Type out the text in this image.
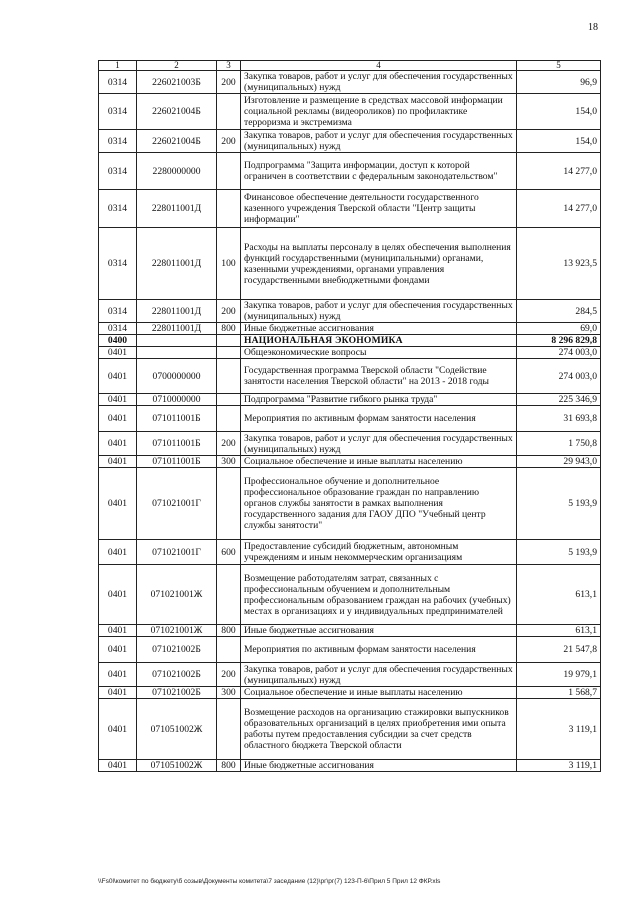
18
1	2	3	4	5
0314	226021003Б	200	Закупка товаров, работ и услуг для обеспечения государственных (муниципальных) нужд	96,9
0314	226021004Б		Изготовление и размещение в средствах массовой информации социальной рекламы (видеороликов) по профилактике терроризма и экстремизма	154,0
0314	226021004Б	200	Закупка товаров, работ и услуг для обеспечения государственных (муниципальных) нужд	154,0
0314	2280000000		Подпрограмма "Защита информации, доступ к которой ограничен в соответствии с федеральным законодательством"	14 277,0
0314	228011001Д		Финансовое обеспечение деятельности государственного казенного учреждения Тверской области "Центр защиты информации"	14 277,0
0314	228011001Д	100	Расходы на выплаты персоналу в целях обеспечения выполнения функций государственными (муниципальными) органами, казенными учреждениями, органами управления государственными внебюджетными фондами	13 923,5
0314	228011001Д	200	Закупка товаров, работ и услуг для обеспечения государственных (муниципальных) нужд	284,5
0314	228011001Д	800	Иные бюджетные ассигнования	69,0
0400			НАЦИОНАЛЬНАЯ ЭКОНОМИКА	8 296 829,8
0401			Общеэкономические вопросы	274 003,0
0401	0700000000		Государственная программа Тверской области "Содействие занятости населения Тверской области" на 2013 - 2018 годы	274 003,0
0401	0710000000		Подпрограмма "Развитие гибкого рынка труда"	225 346,9
0401	071011001Б		Мероприятия по активным формам занятости населения	31 693,8
0401	071011001Б	200	Закупка товаров, работ и услуг для обеспечения государственных (муниципальных) нужд	1 750,8
0401	071011001Б	300	Социальное обеспечение и иные выплаты населению	29 943,0
0401	071021001Г		Профессиональное обучение и дополнительное профессиональное образование граждан по направлению органов службы занятости в рамках выполнения государственного задания для ГАОУ ДПО "Учебный центр службы занятости"	5 193,9
0401	071021001Г	600	Предоставление субсидий бюджетным, автономным учреждениям и иным некоммерческим организациям	5 193,9
0401	071021001Ж		Возмещение работодателям затрат, связанных с профессиональным обучением и дополнительным профессиональным образованием граждан на рабочих (учебных) местах в организациях и у индивидуальных предпринимателей	613,1
0401	071021001Ж	800	Иные бюджетные ассигнования	613,1
0401	071021002Б		Мероприятия по активным формам занятости населения	21 547,8
0401	071021002Б	200	Закупка товаров, работ и услуг для обеспечения государственных (муниципальных) нужд	19 979,1
0401	071021002Б	300	Социальное обеспечение и иные выплаты населению	1 568,7
0401	071051002Ж		Возмещение расходов на организацию стажировки выпускников образовательных организаций в целях приобретения ими опыта работы путем предоставления субсидии за счет средств областного бюджета Тверской области	3 119,1
0401	071051002Ж	800	Иные бюджетные ассигнования	3 119,1
\\Fs0l\комитет по бюджету\б созыв\Документы комитета\7 заседание (12)\рг\рг(7) 123-П-6\Прил 5 Прил 12 ФКР.xls
